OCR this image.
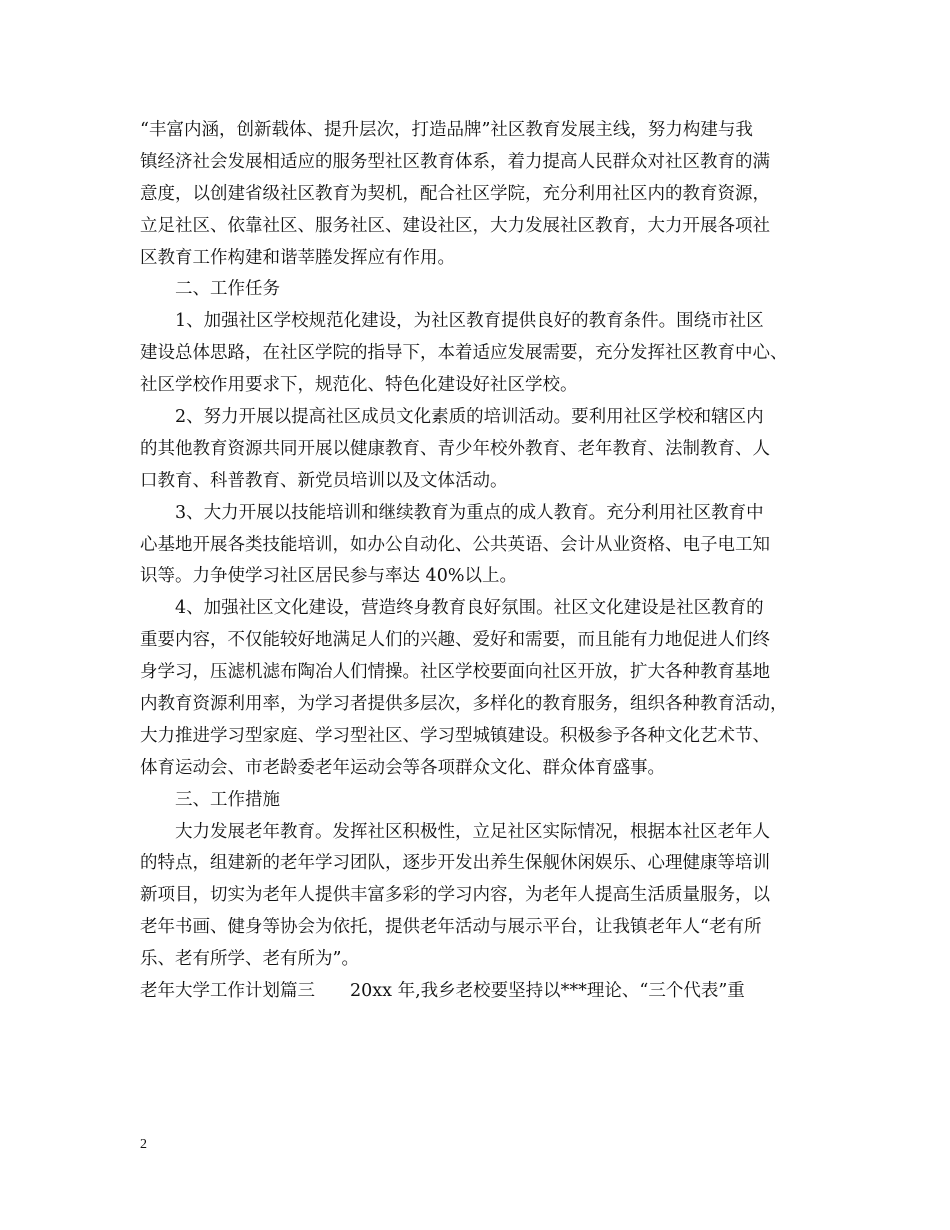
“丰富内涵，创新载体、提升层次，打造品牌”社区教育发展主线，努力构建与我
镇经济社会发展相适应的服务型社区教育体系，着力提高人民群众对社区教育的满
意度，以创建省级社区教育为契机，配合社区学院，充分利用社区内的教育资源，
立足社区、依靠社区、服务社区、建设社区，大力发展社区教育，大力开展各项社
区教育工作构建和谐莘塍发挥应有作用。
　　二、工作任务
　　1、加强社区学校规范化建设，为社区教育提供良好的教育条件。围绕市社区
建设总体思路，在社区学院的指导下，本着适应发展需要，充分发挥社区教育中心、
社区学校作用要求下，规范化、特色化建设好社区学校。
　　2、努力开展以提高社区成员文化素质的培训活动。要利用社区学校和辖区内
的其他教育资源共同开展以健康教育、青少年校外教育、老年教育、法制教育、人
口教育、科普教育、新党员培训以及文体活动。
　　3、大力开展以技能培训和继续教育为重点的成人教育。充分利用社区教育中
心基地开展各类技能培训，如办公自动化、公共英语、会计从业资格、电子电工知
识等。力争使学习社区居民参与率达 40%以上。
　　4、加强社区文化建设，营造终身教育良好氛围。社区文化建设是社区教育的
重要内容，不仅能较好地满足人们的兴趣、爱好和需要，而且能有力地促进人们终
身学习，压滤机滤布陶冶人们情操。社区学校要面向社区开放，扩大各种教育基地
内教育资源利用率，为学习者提供多层次，多样化的教育服务，组织各种教育活动，
大力推进学习型家庭、学习型社区、学习型城镇建设。积极参予各种文化艺术节、
体育运动会、市老龄委老年运动会等各项群众文化、群众体育盛事。
　　三、工作措施
　　大力发展老年教育。发挥社区积极性，立足社区实际情况，根据本社区老年人
的特点，组建新的老年学习团队，逐步开发出养生保舰休闲娱乐、心理健康等培训
新项目，切实为老年人提供丰富多彩的学习内容，为老年人提高生活质量服务，以
老年书画、健身等协会为依托，提供老年活动与展示平台，让我镇老年人“老有所
乐、老有所学、老有所为”。
老年大学工作计划篇三　　20xx 年,我乡老校要坚持以***理论、“三个代表”重
2
